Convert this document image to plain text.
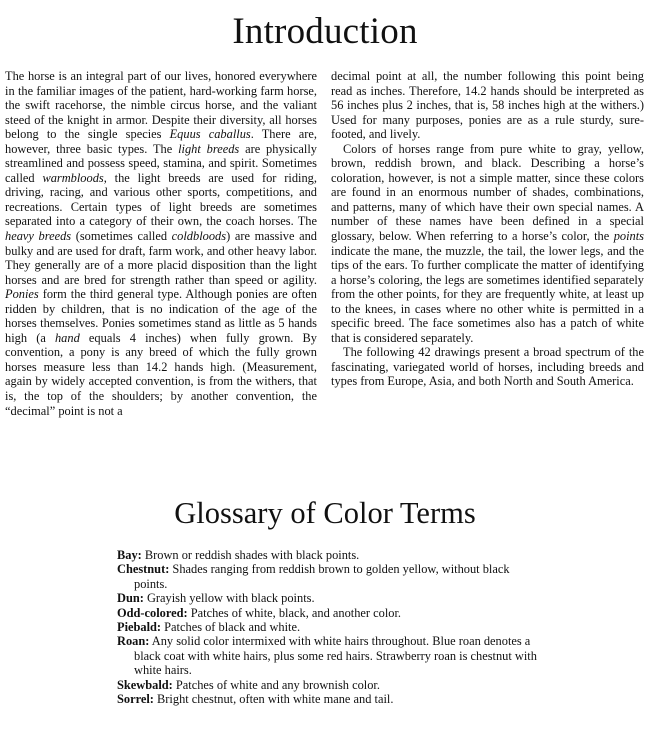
Introduction

The horse is an integral part of our lives, honored everywhere in the familiar images of the patient, hard-working farm horse, the swift racehorse, the nimble circus horse, and the valiant steed of the knight in armor. Despite their diversity, all horses belong to the single species Equus caballus. There are, however, three basic types. The light breeds are physically streamlined and possess speed, stamina, and spirit. Sometimes called warmbloods, the light breeds are used for riding, driving, racing, and various other sports, competitions, and recreations. Certain types of light breeds are sometimes separated into a category of their own, the coach horses. The heavy breeds (sometimes called coldbloods) are massive and bulky and are used for draft, farm work, and other heavy labor. They generally are of a more placid disposition than the light horses and are bred for strength rather than speed or agility. Ponies form the third general type. Although ponies are often ridden by children, that is no indication of the age of the horses themselves. Ponies sometimes stand as little as 5 hands high (a hand equals 4 inches) when fully grown. By convention, a pony is any breed of which the fully grown horses measure less than 14.2 hands high. (Measurement, again by widely accepted convention, is from the withers, that is, the top of the shoulders; by another convention, the “decimal” point is not a

decimal point at all, the number following this point being read as inches. Therefore, 14.2 hands should be interpreted as 56 inches plus 2 inches, that is, 58 inches high at the withers.) Used for many purposes, ponies are as a rule sturdy, sure-footed, and lively.

Colors of horses range from pure white to gray, yellow, brown, reddish brown, and black. Describing a horse’s coloration, however, is not a simple matter, since these colors are found in an enormous number of shades, combinations, and patterns, many of which have their own special names. A number of these names have been defined in a special glossary, below. When referring to a horse’s color, the points indicate the mane, the muzzle, the tail, the lower legs, and the tips of the ears. To further complicate the matter of identifying a horse’s coloring, the legs are sometimes identified separately from the other points, for they are frequently white, at least up to the knees, in cases where no other white is permitted in a specific breed. The face sometimes also has a patch of white that is considered separately.

The following 42 drawings present a broad spectrum of the fascinating, variegated world of horses, including breeds and types from Europe, Asia, and both North and South America.

Glossary of Color Terms
Bay: Brown or reddish shades with black points.
Chestnut: Shades ranging from reddish brown to golden yellow, without black points.
Dun: Grayish yellow with black points.
Odd-colored: Patches of white, black, and another color.
Piebald: Patches of black and white.
Roan: Any solid color intermixed with white hairs throughout. Blue roan denotes a black coat with white hairs, plus some red hairs. Strawberry roan is chestnut with white hairs.
Skewbald: Patches of white and any brownish color.
Sorrel: Bright chestnut, often with white mane and tail.
